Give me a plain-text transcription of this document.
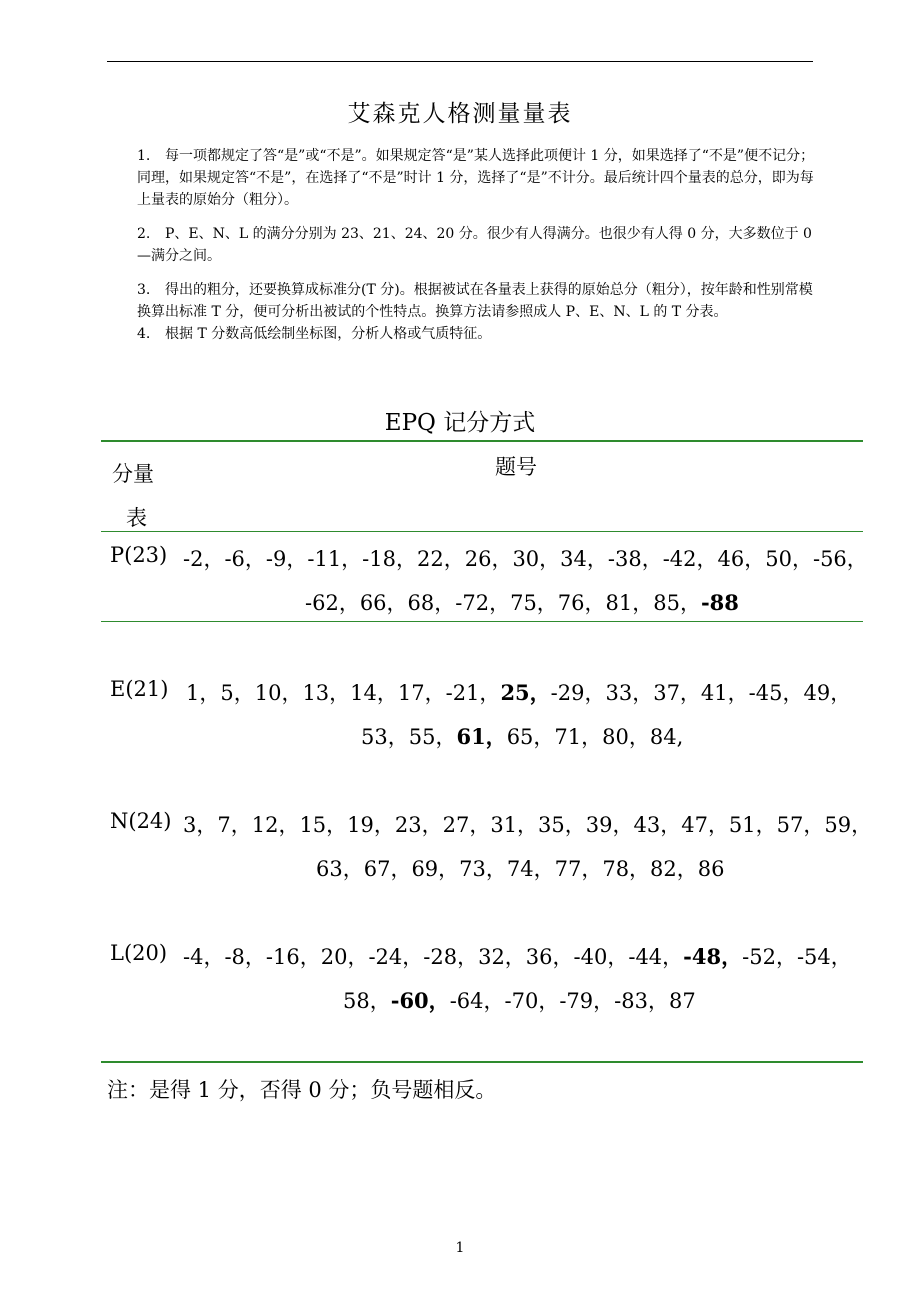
艾森克人格测量量表

1. 每一项都规定了答“是”或“不是”。如果规定答“是”某人选择此项便计 1 分，如果选择了“不是”便不记分；同理，如果规定答“不是”，在选择了“不是”时计 1 分，选择了“是”不计分。最后统计四个量表的总分，即为每上量表的原始分（粗分）。

2. P、E、N、L 的满分分别为 23、21、24、20 分。很少有人得满分。也很少有人得 0 分，大多数位于 0—满分之间。

3. 得出的粗分，还要换算成标准分(T 分)。根据被试在各量表上获得的原始总分（粗分），按年龄和性别常模换算出标准 T 分，便可分析出被试的个性特点。换算方法请参照成人 P、E、N、L 的 T 分表。

4. 根据 T 分数高低绘制坐标图，分析人格或气质特征。

EPQ 记分方式
分量
表
题号
P(23) -2，-6，-9，-11，-18，22，26，30，34，-38，-42，46，50，-56，
-62，66，68，-72，75，76，81，85，-88
E(21) 1，5，10，13，14，17，-21，25，-29，33，37，41，-45，49，
53，55，61，65，71，80，84,
N(24) 3，7，12，15，19，23，27，31，35，39，43，47，51，57，59，
63，67，69，73，74，77，78，82，86
L(20) -4，-8，-16，20，-24，-28，32，36，-40，-44，-48，-52，-54，
58，-60，-64，-70，-79，-83，87
注：是得 1 分，否得 0 分；负号题相反。
1
